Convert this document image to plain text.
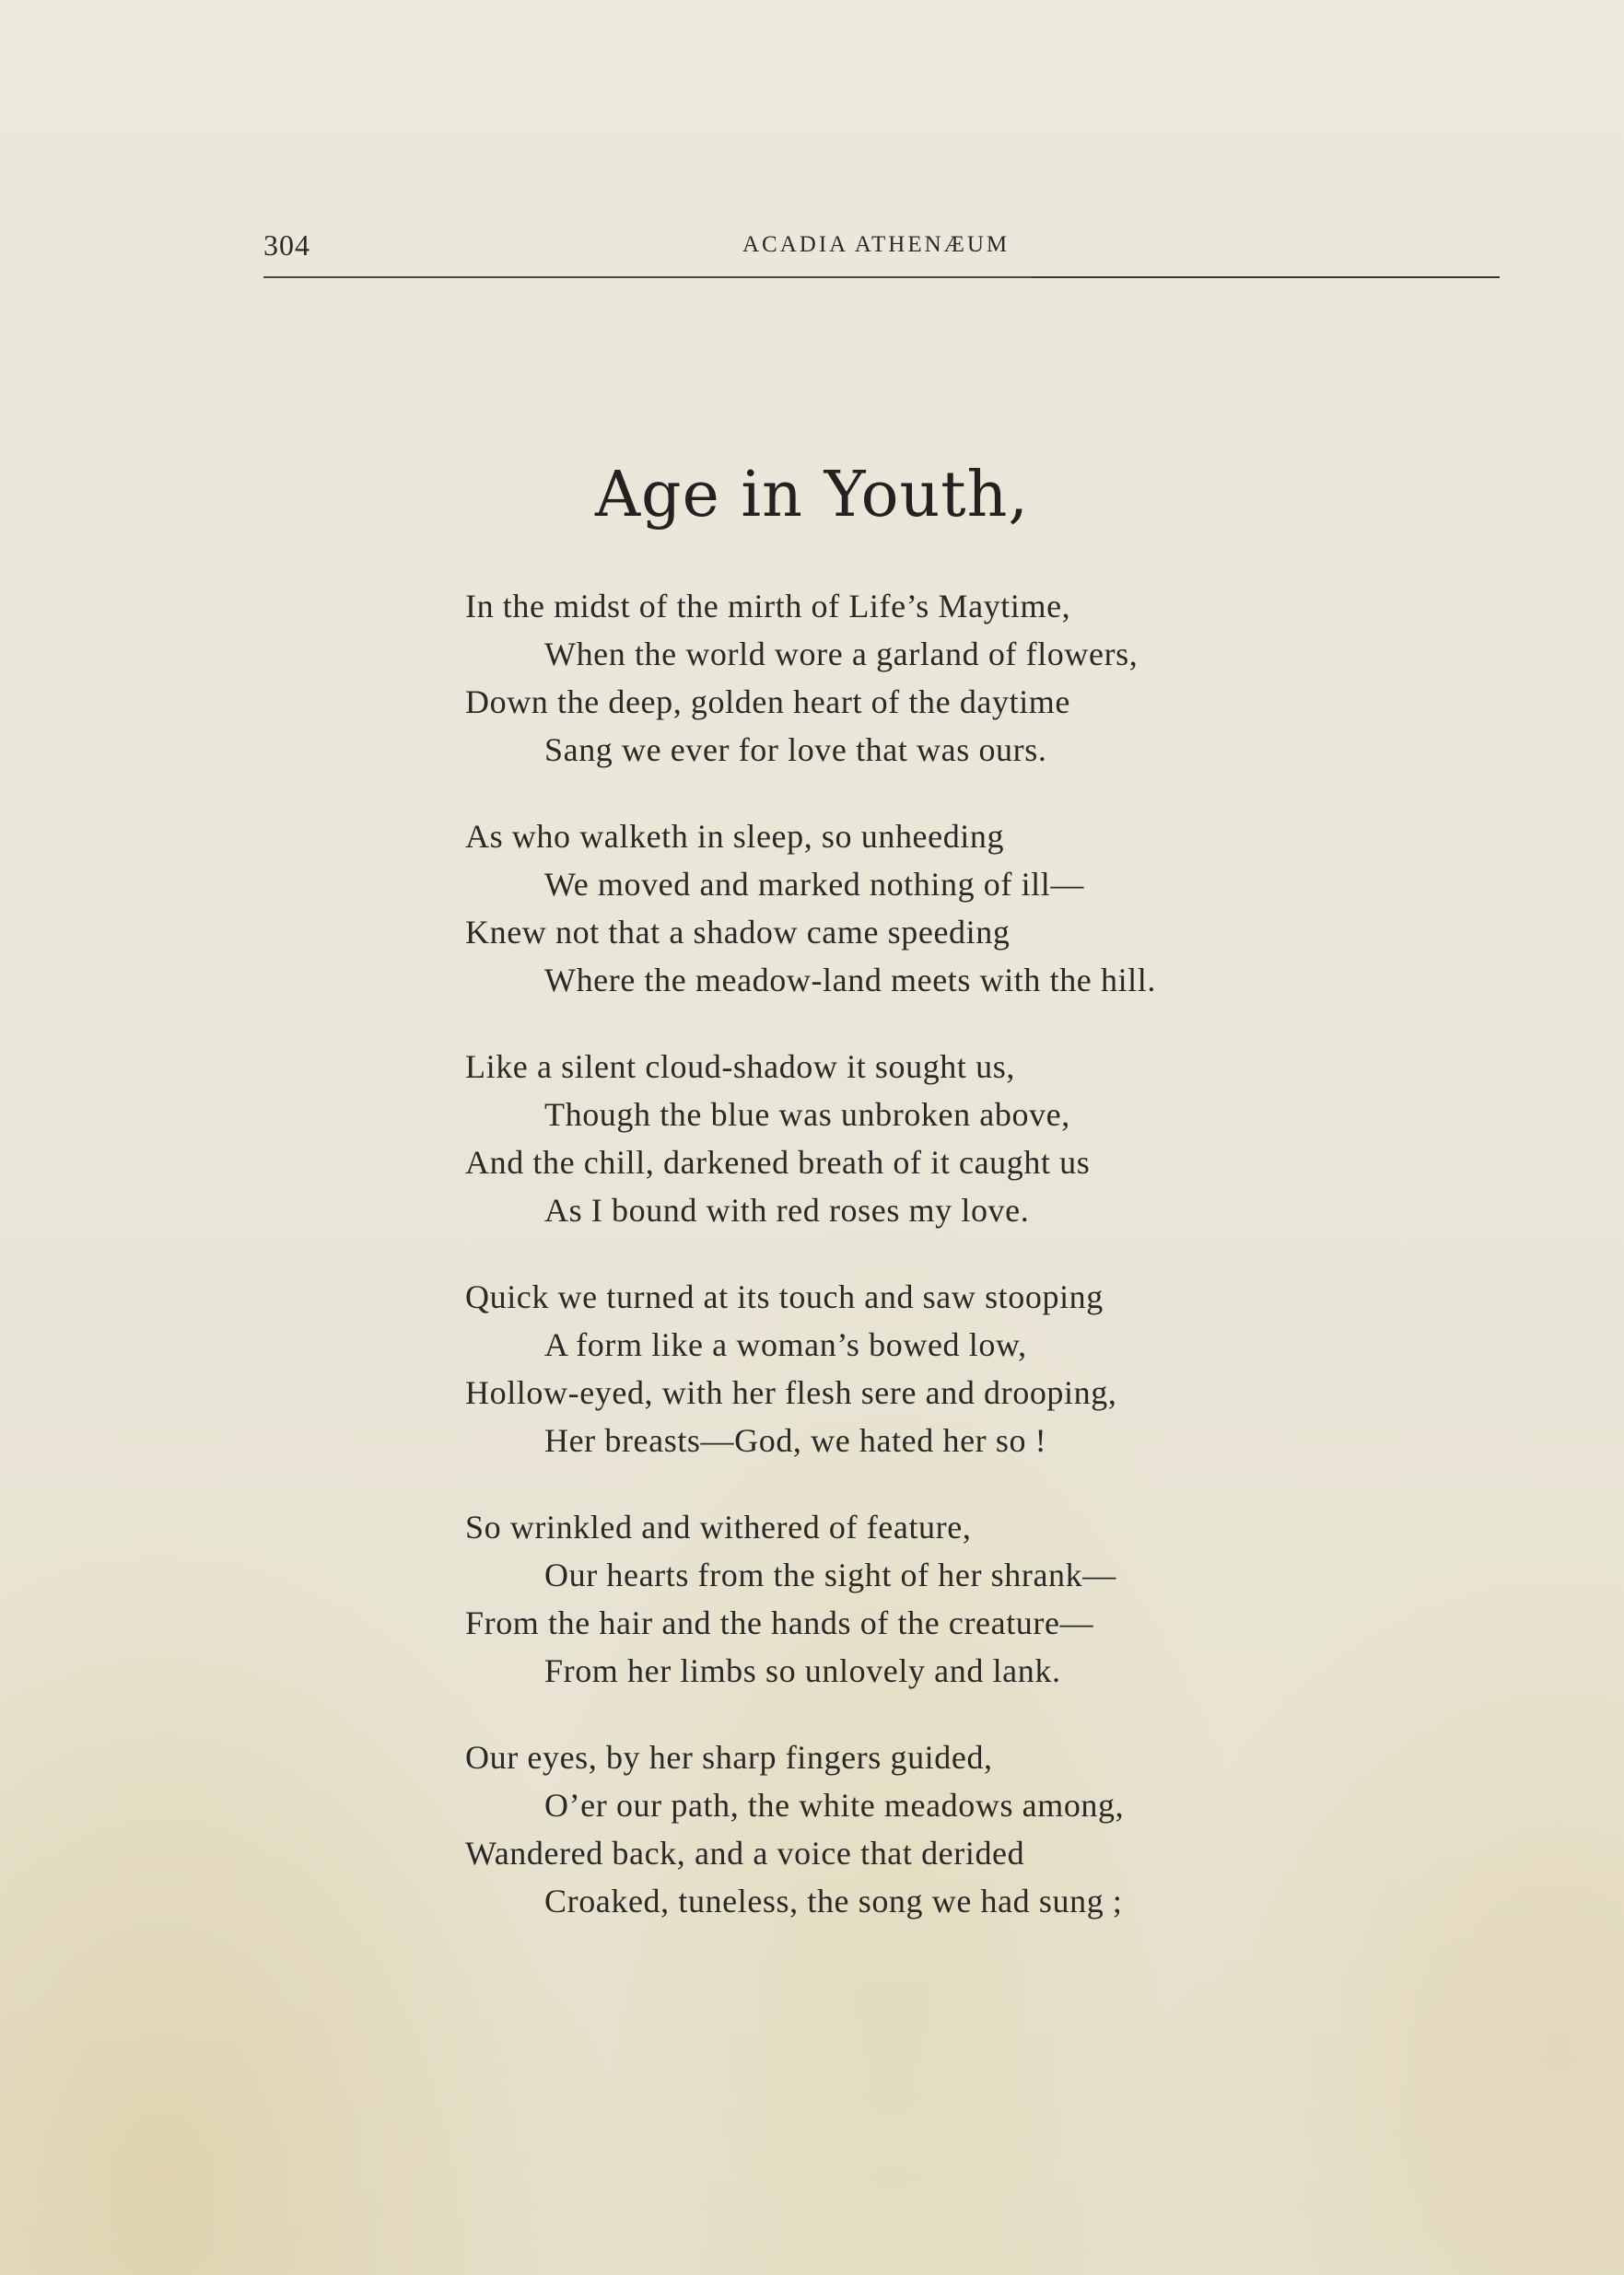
304	ACADIA ATHENÆUM
Age in Youth,
In the midst of the mirth of Life’s Maytime,
When the world wore a garland of flowers,
Down the deep, golden heart of the daytime
Sang we ever for love that was ours.
As who walketh in sleep, so unheeding
We moved and marked nothing of ill—
Knew not that a shadow came speeding
Where the meadow-land meets with the hill.
Like a silent cloud-shadow it sought us,
Though the blue was unbroken above,
And the chill, darkened breath of it caught us
As I bound with red roses my love.
Quick we turned at its touch and saw stooping
A form like a woman’s bowed low,
Hollow-eyed, with her flesh sere and drooping,
Her breasts—God, we hated her so !
So wrinkled and withered of feature,
Our hearts from the sight of her shrank—
From the hair and the hands of the creature—
From her limbs so unlovely and lank.
Our eyes, by her sharp fingers guided,
O’er our path, the white meadows among,
Wandered back, and a voice that derided
Croaked, tuneless, the song we had sung ;
